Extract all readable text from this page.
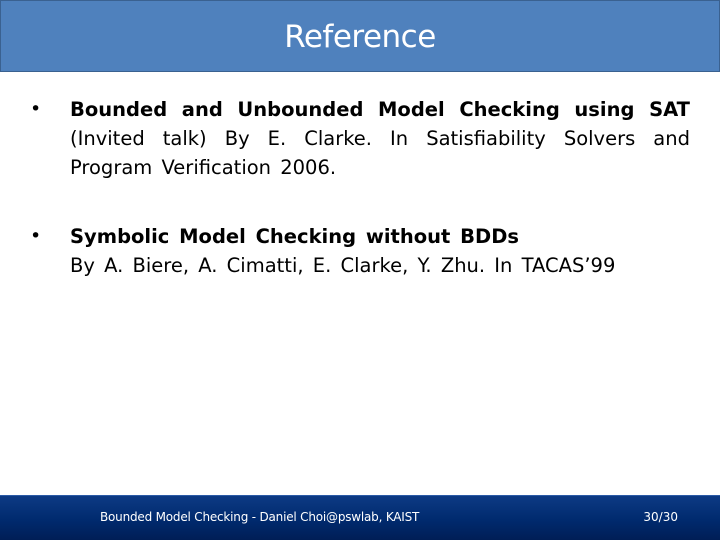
Reference
•	Bounded and Unbounded Model Checking using SAT (Invited talk) By E. Clarke. In Satisfiability Solvers and Program Verification 2006.
•	Symbolic Model Checking without BDDs
By A. Biere, A. Cimatti, E. Clarke, Y. Zhu. In TACAS’99
Bounded Model Checking - Daniel Choi@pswlab, KAIST	30/30
